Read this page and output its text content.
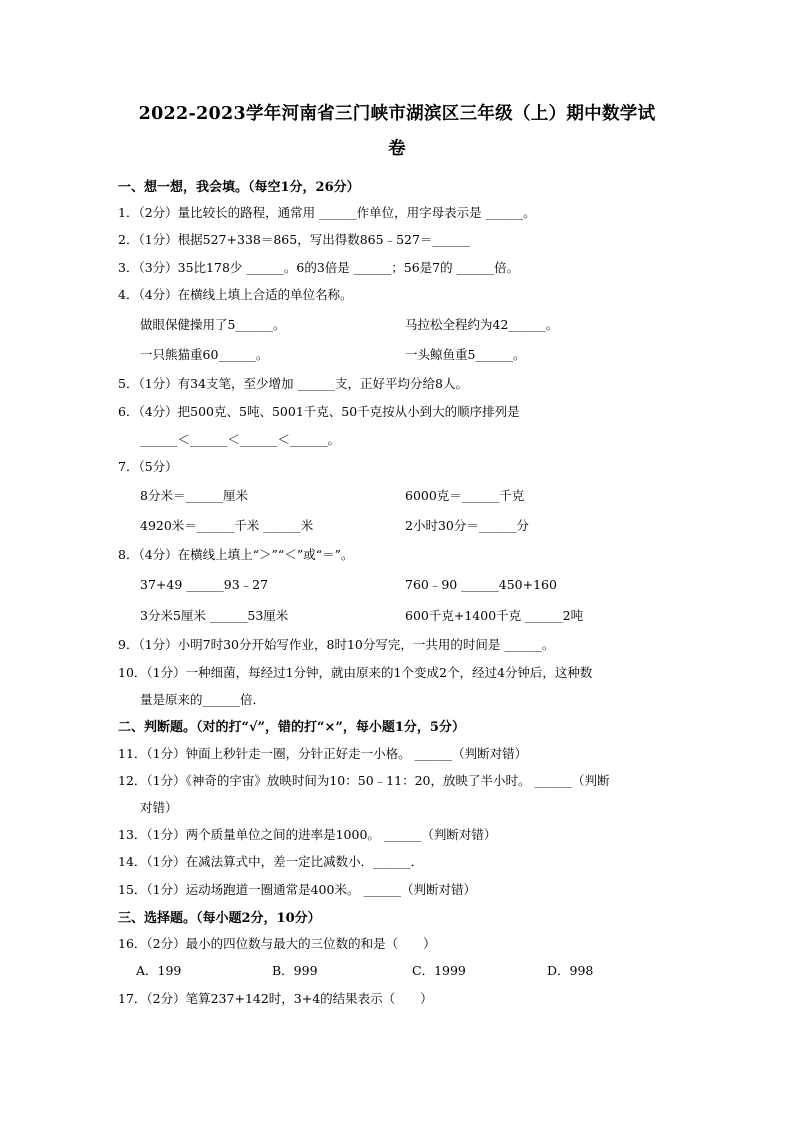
2022-2023学年河南省三门峡市湖滨区三年级（上）期中数学试
卷
一、想一想，我会填。（每空1分，26分）
1．（2分）量比较长的路程，通常用 ______作单位，用字母表示是 ______。
2．（1分）根据527+338＝865，写出得数865﹣527＝______
3．（3分）35比178少 ______。6的3倍是 ______；56是7的 ______倍。
4．（4分）在横线上填上合适的单位名称。
做眼保健操用了5______。	马拉松全程约为42______。
一只熊猫重60______。	一头鲸鱼重5______。
5．（1分）有34支笔，至少增加 ______支，正好平均分给8人。
6．（4分）把500克、5吨、5001千克、50千克按从小到大的顺序排列是
______＜______＜______＜______。
7．（5分）
8分米＝______厘米	6000克＝______千克
4920米＝______千米 ______米	2小时30分＝______分
8．（4分）在横线上填上“＞”“＜”或“＝”。
37+49 ______93﹣27	760﹣90 ______450+160
3分米5厘米 ______53厘米	600千克+1400千克 ______2吨
9．（1分）小明7时30分开始写作业，8时10分写完，一共用的时间是 ______。
10．（1分）一种细菌，每经过1分钟，就由原来的1个变成2个，经过4分钟后，这种数
量是原来的______倍．
二、判断题。（对的打“√”，错的打“×”，每小题1分，5分）
11．（1分）钟面上秒针走一圈，分针正好走一小格。 ______（判断对错）
12．（1分）《神奇的宇宙》放映时间为10：50﹣11：20，放映了半小时。 ______（判断
对错）
13．（1分）两个质量单位之间的进率是1000。 ______（判断对错）
14．（1分）在减法算式中，差一定比减数小．______．
15．（1分）运动场跑道一圈通常是400米。 ______（判断对错）
三、选择题。（每小题2分，10分）
16．（2分）最小的四位数与最大的三位数的和是（　　）
A．199	B．999	C．1999	D．998
17．（2分）笔算237+142时，3+4的结果表示（　　）
